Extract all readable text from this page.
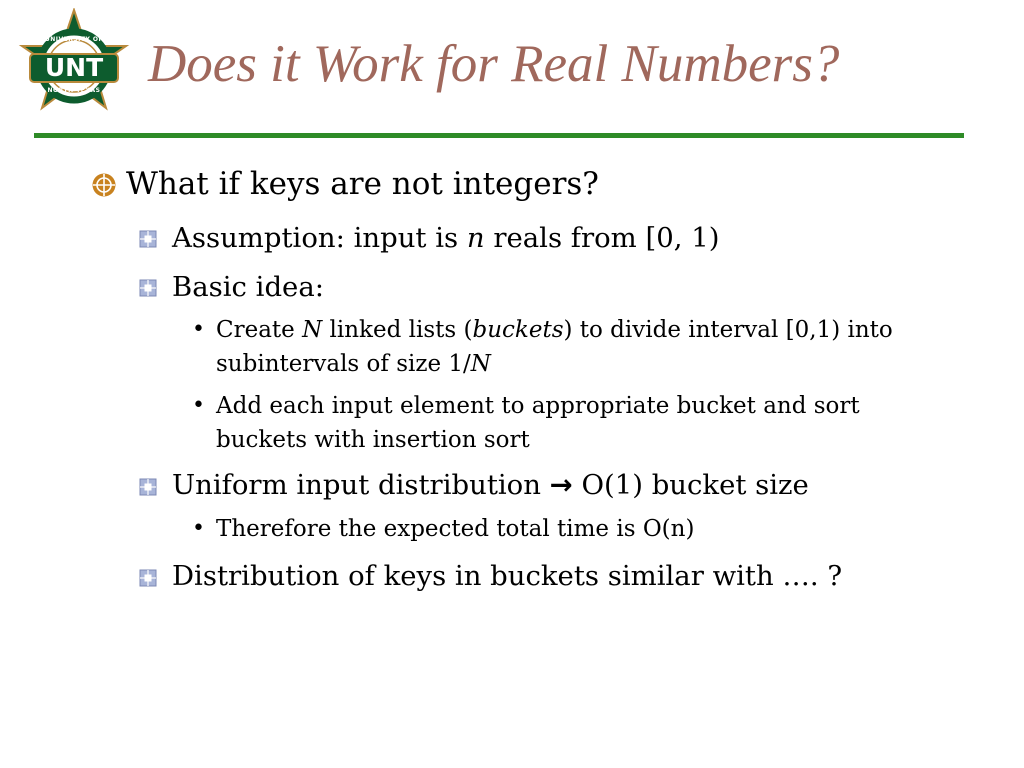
UNT
UNIVERSITY OF
NORTH TEXAS Does it Work for Real Numbers?
What if keys are not integers?
Assumption: input is n reals from [0, 1)
Basic idea:
• Create N linked lists (buckets) to divide interval [0,1) into
subintervals of size 1/N
• Add each input element to appropriate bucket and sort
buckets with insertion sort
Uniform input distribution → O(1) bucket size
• Therefore the expected total time is O(n)
Distribution of keys in buckets similar with …. ?
